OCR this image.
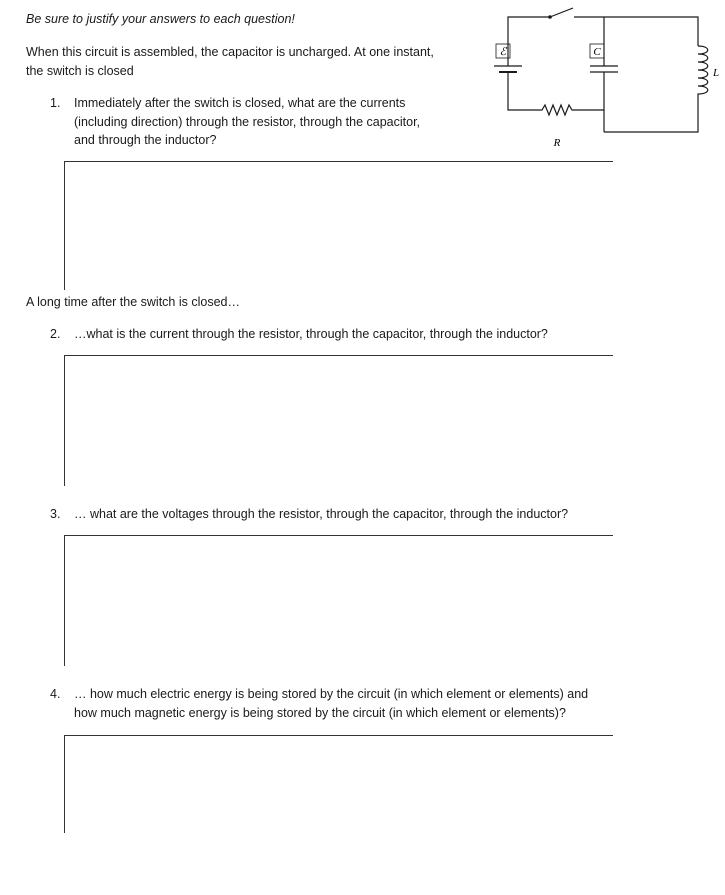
Be sure to justify your answers to each question!
When this circuit is assembled, the capacitor is uncharged. At one instant,
the switch is closed
1. Immediately after the switch is closed, what are the currents
(including direction) through the resistor, through the capacitor,
and through the inductor?
ℰ	C
R
L
A long time after the switch is closed…
2. …what is the current through the resistor, through the capacitor, through the inductor?
3. … what are the voltages through the resistor, through the capacitor, through the inductor?
4. … how much electric energy is being stored by the circuit (in which element or elements) and
how much magnetic energy is being stored by the circuit (in which element or elements)?
